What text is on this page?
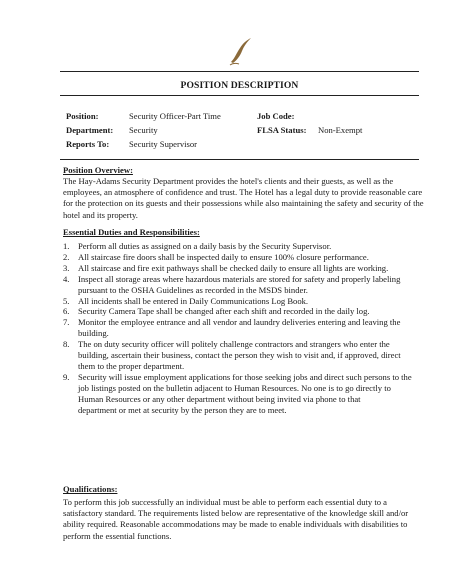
POSITION DESCRIPTION
Position:	Security Officer-Part Time
Department: Security
Reports To: Security Supervisor
Job Code:
FLSA Status: Non-Exempt
Position Overview:
The Hay-Adams Security Department provides the hotel's clients and their guests, as well as the
employees, an atmosphere of confidence and trust. The Hotel has a legal duty to provide reasonable care
for the protection on its guests and their possessions while also maintaining the safety and security of the
hotel and its property.
Essential Duties and Responsibilities:
1. Perform all duties as assigned on a daily basis by the Security Supervisor.
2. All staircase fire doors shall be inspected daily to ensure 100% closure performance.
3. All staircase and fire exit pathways shall be checked daily to ensure all lights are working.
4. Inspect all storage areas where hazardous materials are stored for safety and properly labeling
pursuant to the OSHA Guidelines as recorded in the MSDS binder.
5. All incidents shall be entered in Daily Communications Log Book.
6. Security Camera Tape shall be changed after each shift and recorded in the daily log.
7. Monitor the employee entrance and all vendor and laundry deliveries entering and leaving the
building.
8. The on duty security officer will politely challenge contractors and strangers who enter the
building, ascertain their business, contact the person they wish to visit and, if approved, direct
them to the proper department.
9. Security will issue employment applications for those seeking jobs and direct such persons to the
job listings posted on the bulletin adjacent to Human Resources. No one is to go directly to
Human Resources or any other department without being invited via phone to that
department or met at security by the person they are to meet.
Qualifications:
To perform this job successfully an individual must be able to perform each essential duty to a
satisfactory standard. The requirements listed below are representative of the knowledge skill and/or
ability required. Reasonable accommodations may be made to enable individuals with disabilities to
perform the essential functions.
